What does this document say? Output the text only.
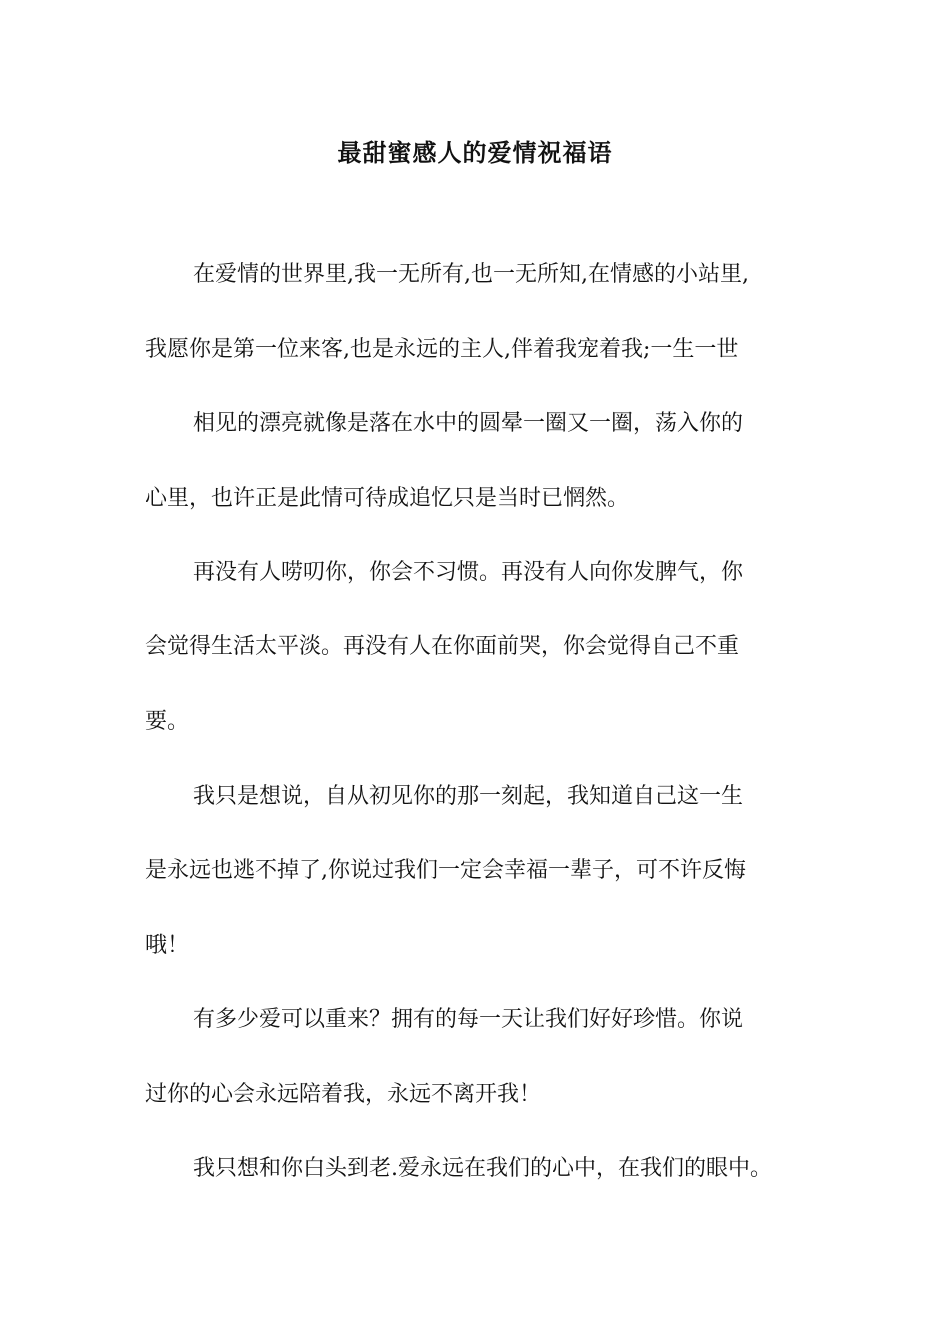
最甜蜜感人的爱情祝福语
在爱情的世界里,我一无所有,也一无所知,在情感的小站里,
我愿你是第一位来客,也是永远的主人,伴着我宠着我;一生一世
相见的漂亮就像是落在水中的圆晕一圈又一圈，荡入你的
心里，也许正是此情可待成追忆只是当时已惘然。
再没有人唠叨你，你会不习惯。再没有人向你发脾气，你
会觉得生活太平淡。再没有人在你面前哭，你会觉得自己不重
要。
我只是想说，自从初见你的那一刻起，我知道自己这一生
是永远也逃不掉了,你说过我们一定会幸福一辈子，可不许反悔
哦！
有多少爱可以重来？拥有的每一天让我们好好珍惜。你说
过你的心会永远陪着我，永远不离开我！
我只想和你白头到老.爱永远在我们的心中，在我们的眼中。
